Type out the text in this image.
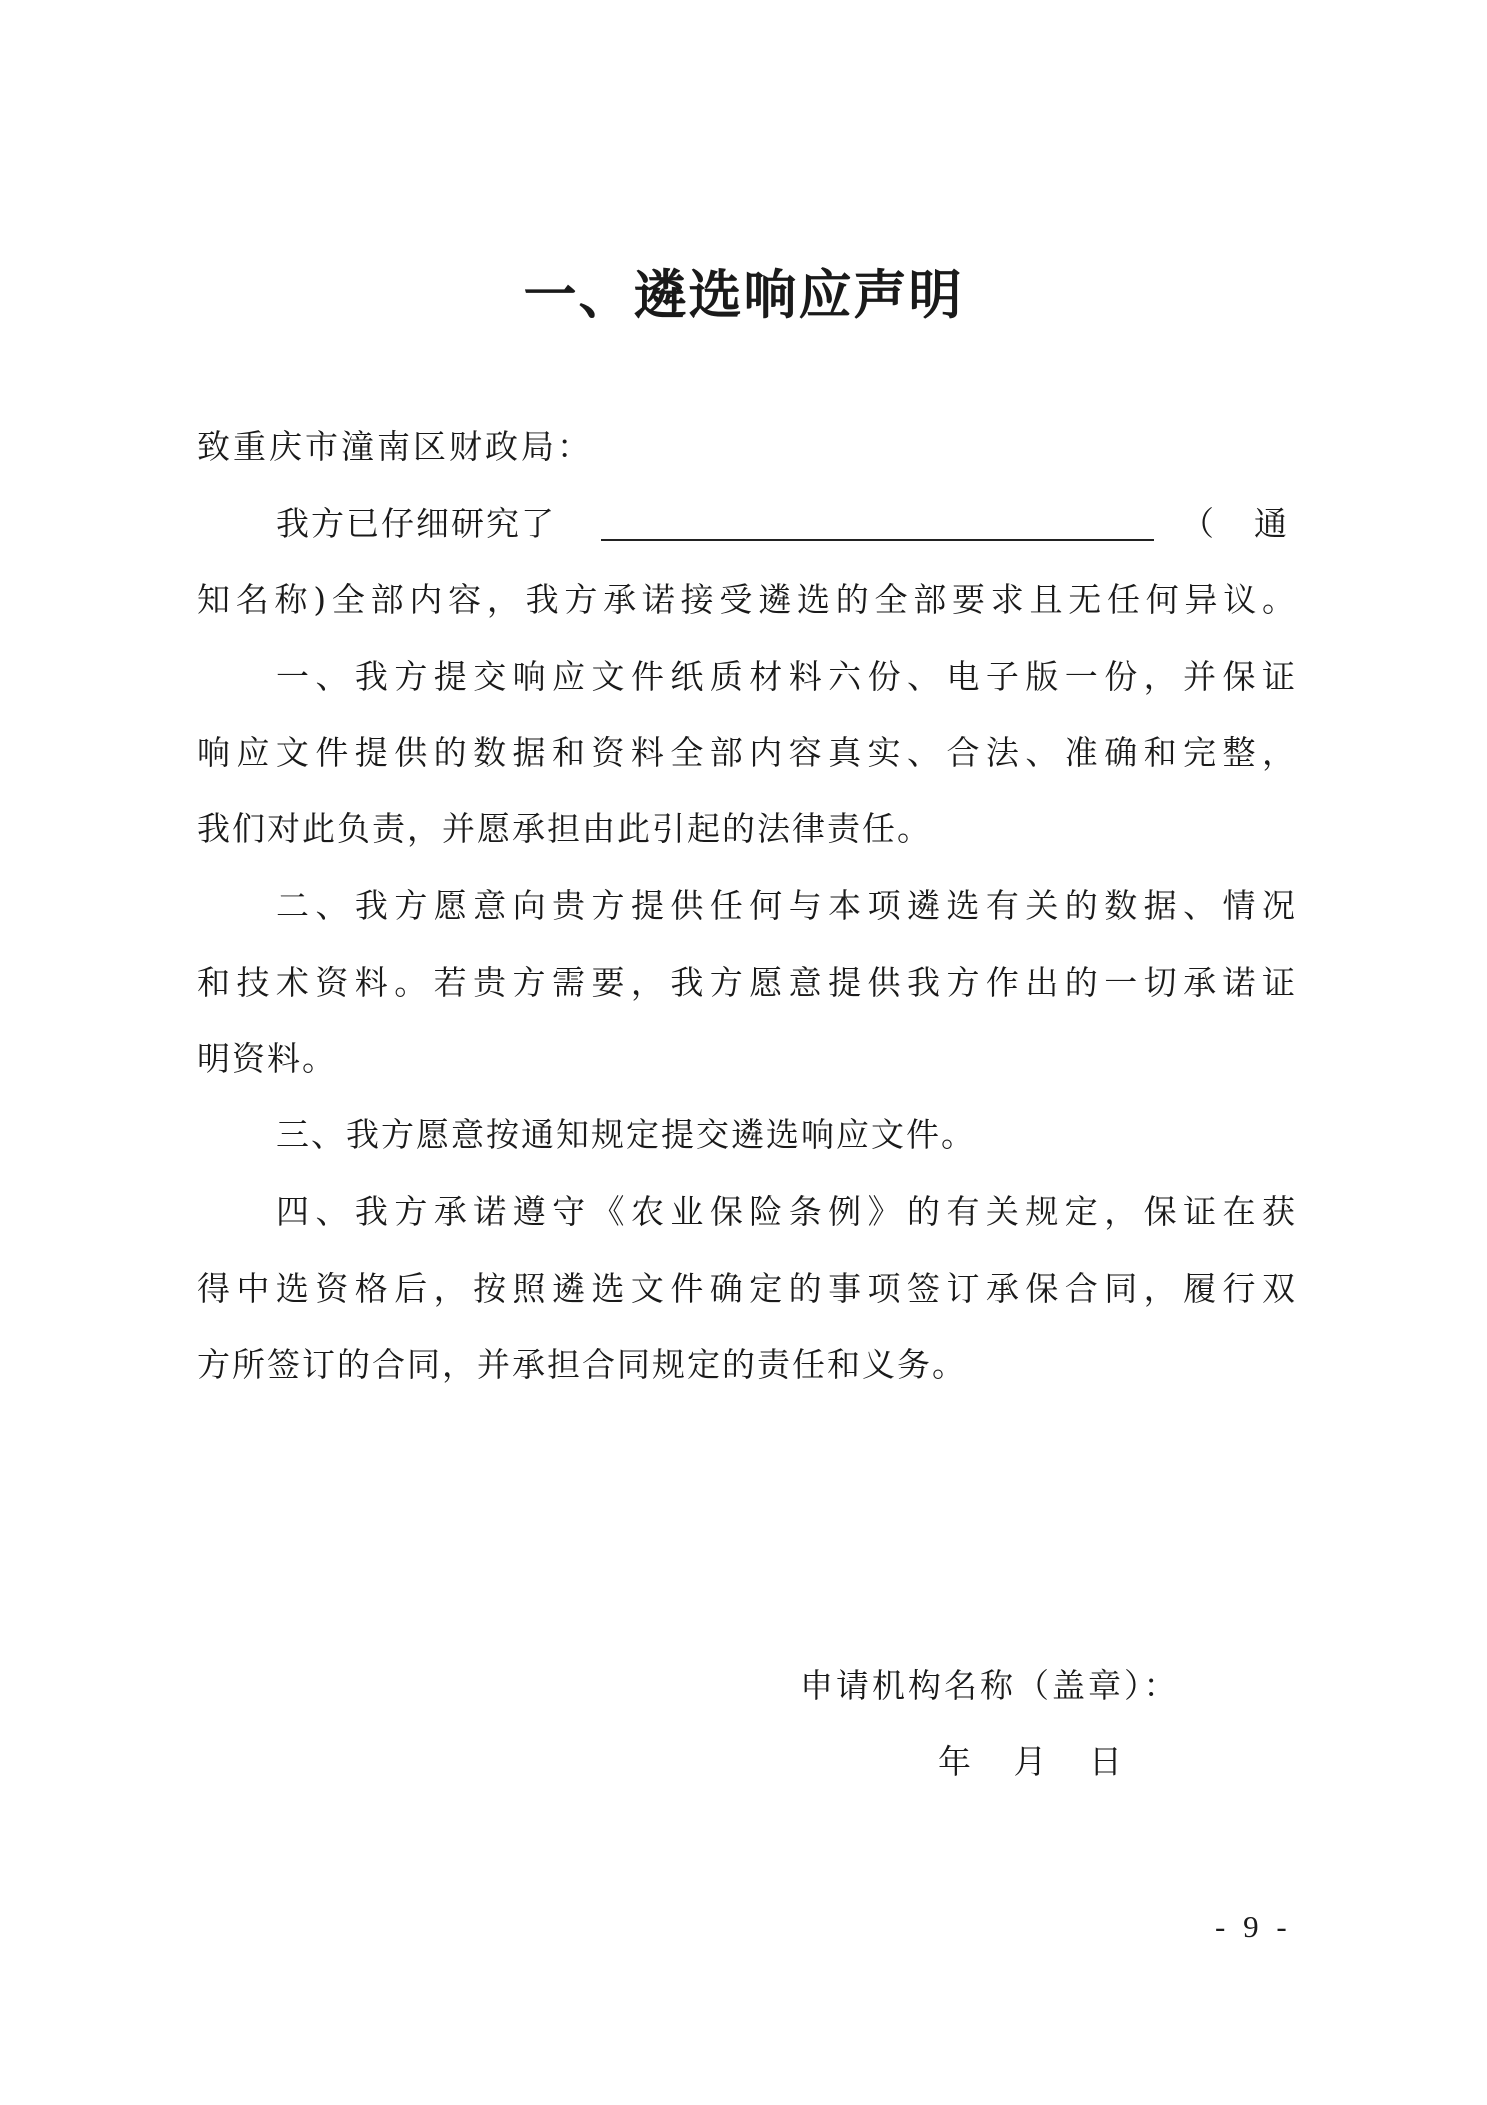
一、遴选响应声明

致重庆市潼南区财政局：

我方已仔细研究了	（ 通

知名称)全部内容，我方承诺接受遴选的全部要求且无任何异议。

一、我方提交响应文件纸质材料六份、电子版一份，并保证

响应文件提供的数据和资料全部内容真实、合法、准确和完整，

我们对此负责，并愿承担由此引起的法律责任。

二、我方愿意向贵方提供任何与本项遴选有关的数据、情况

和技术资料。若贵方需要，我方愿意提供我方作出的一切承诺证

明资料。

三、我方愿意按通知规定提交遴选响应文件。

四、我方承诺遵守《农业保险条例》的有关规定，保证在获

得中选资格后，按照遴选文件确定的事项签订承保合同，履行双

方所签订的合同，并承担合同规定的责任和义务。

申请机构名称（盖章）：

年 月 日

- 9 -
